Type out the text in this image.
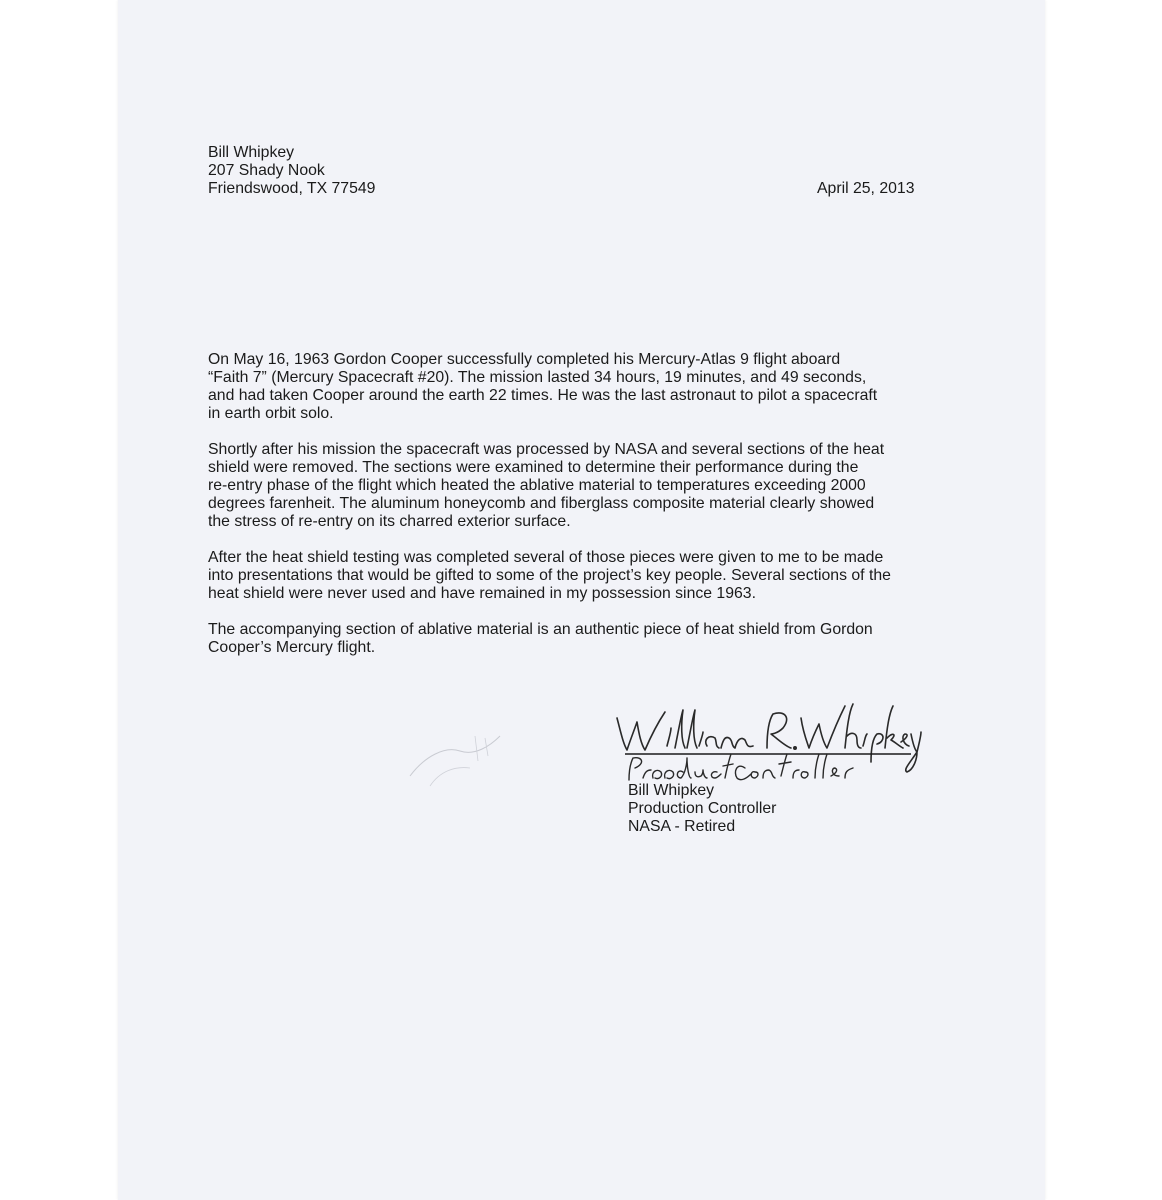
Bill Whipkey
207 Shady Nook
Friendswood, TX 77549	April 25, 2013

On May 16, 1963 Gordon Cooper successfully completed his Mercury-Atlas 9 flight aboard
“Faith 7” (Mercury Spacecraft #20). The mission lasted 34 hours, 19 minutes, and 49 seconds,
and had taken Cooper around the earth 22 times. He was the last astronaut to pilot a spacecraft
in earth orbit solo.

Shortly after his mission the spacecraft was processed by NASA and several sections of the heat
shield were removed. The sections were examined to determine their performance during the
re-entry phase of the flight which heated the ablative material to temperatures exceeding 2000
degrees farenheit. The aluminum honeycomb and fiberglass composite material clearly showed
the stress of re-entry on its charred exterior surface.

After the heat shield testing was completed several of those pieces were given to me to be made
into presentations that would be gifted to some of the project’s key people. Several sections of the
heat shield were never used and have remained in my possession since 1963.

The accompanying section of ablative material is an authentic piece of heat shield from Gordon
Cooper’s Mercury flight.

Bill Whipkey
Production Controller
NASA - Retired
